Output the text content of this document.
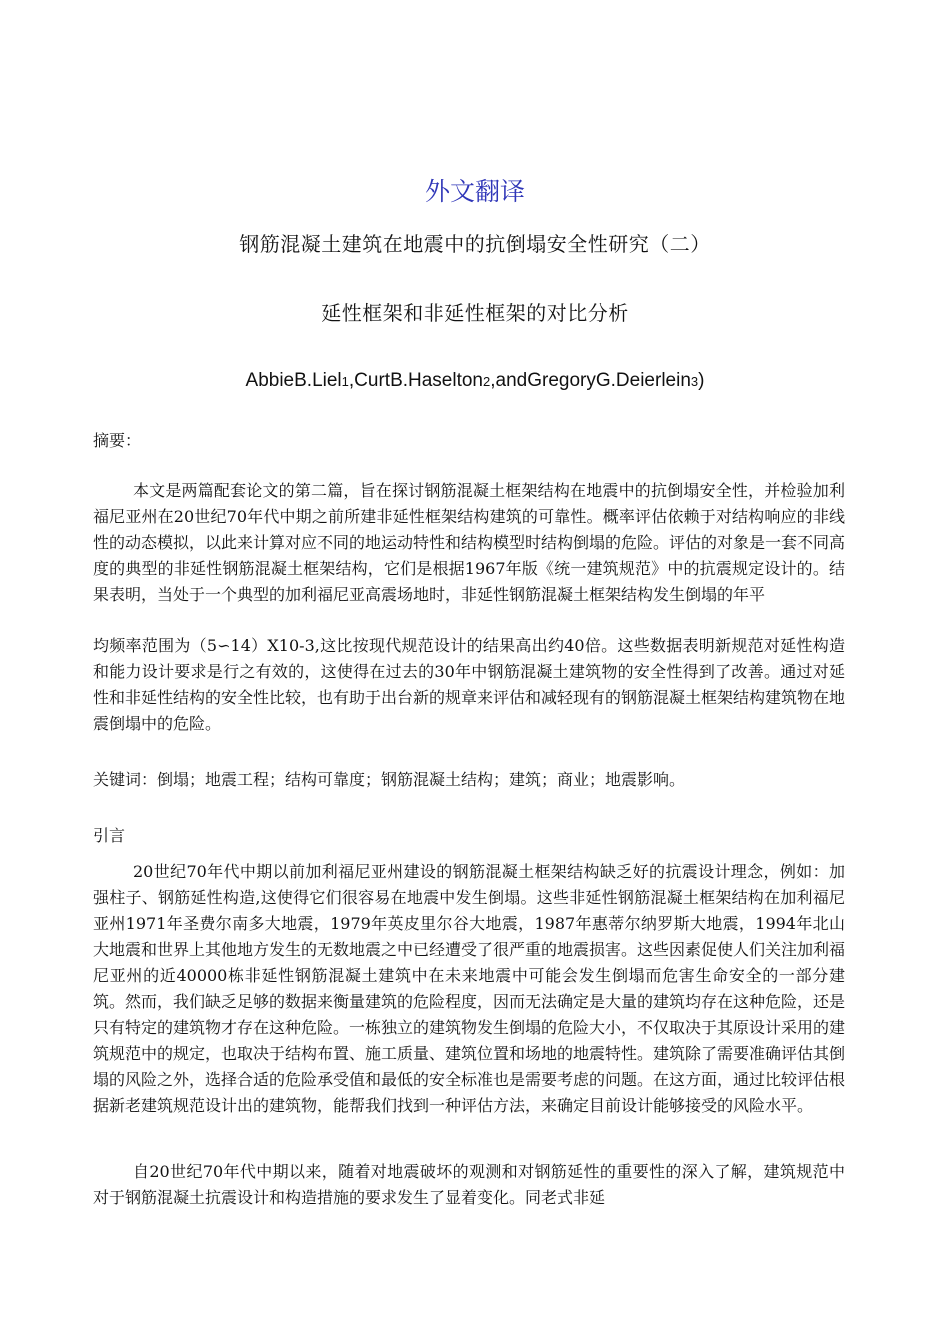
外文翻译
钢筋混凝土建筑在地震中的抗倒塌安全性研究（二）
延性框架和非延性框架的对比分析
AbbieB.Liel1,CurtB.Haselton2,andGregoryG.Deierlein3)

摘要：

本文是两篇配套论文的第二篇，旨在探讨钢筋混凝土框架结构在地震中的抗倒塌安全性，并检验加利福尼亚州在20世纪70年代中期之前所建非延性框架结构建筑的可靠性。概率评估依赖于对结构响应的非线性的动态模拟，以此来计算对应不同的地运动特性和结构模型时结构倒塌的危险。评估的对象是一套不同高度的典型的非延性钢筋混凝土框架结构，它们是根据1967年版《统一建筑规范》中的抗震规定设计的。结果表明，当处于一个典型的加利福尼亚高震场地时，非延性钢筋混凝土框架结构发生倒塌的年平

均频率范围为（5∽14）X10-3,这比按现代规范设计的结果高出约40倍。这些数据表明新规范对延性构造和能力设计要求是行之有效的，这使得在过去的30年中钢筋混凝土建筑物的安全性得到了改善。通过对延性和非延性结构的安全性比较，也有助于出台新的规章来评估和减轻现有的钢筋混凝土框架结构建筑物在地震倒塌中的危险。

关键词：倒塌；地震工程；结构可靠度；钢筋混凝土结构；建筑；商业；地震影响。

引言

20世纪70年代中期以前加利福尼亚州建设的钢筋混凝土框架结构缺乏好的抗震设计理念，例如：加强柱子、钢筋延性构造,这使得它们很容易在地震中发生倒塌。这些非延性钢筋混凝土框架结构在加利福尼亚州1971年圣费尔南多大地震，1979年英皮里尔谷大地震，1987年惠蒂尔纳罗斯大地震，1994年北山大地震和世界上其他地方发生的无数地震之中已经遭受了很严重的地震损害。这些因素促使人们关注加利福尼亚州的近40000栋非延性钢筋混凝土建筑中在未来地震中可能会发生倒塌而危害生命安全的一部分建筑。然而，我们缺乏足够的数据来衡量建筑的危险程度，因而无法确定是大量的建筑均存在这种危险，还是只有特定的建筑物才存在这种危险。一栋独立的建筑物发生倒塌的危险大小，不仅取决于其原设计采用的建筑规范中的规定，也取决于结构布置、施工质量、建筑位置和场地的地震特性。建筑除了需要准确评估其倒塌的风险之外，选择合适的危险承受值和最低的安全标准也是需要考虑的问题。在这方面，通过比较评估根据新老建筑规范设计出的建筑物，能帮我们找到一种评估方法，来确定目前设计能够接受的风险水平。

自20世纪70年代中期以来，随着对地震破坏的观测和对钢筋延性的重要性的深入了解，建筑规范中对于钢筋混凝土抗震设计和构造措施的要求发生了显着变化。同老式非延
